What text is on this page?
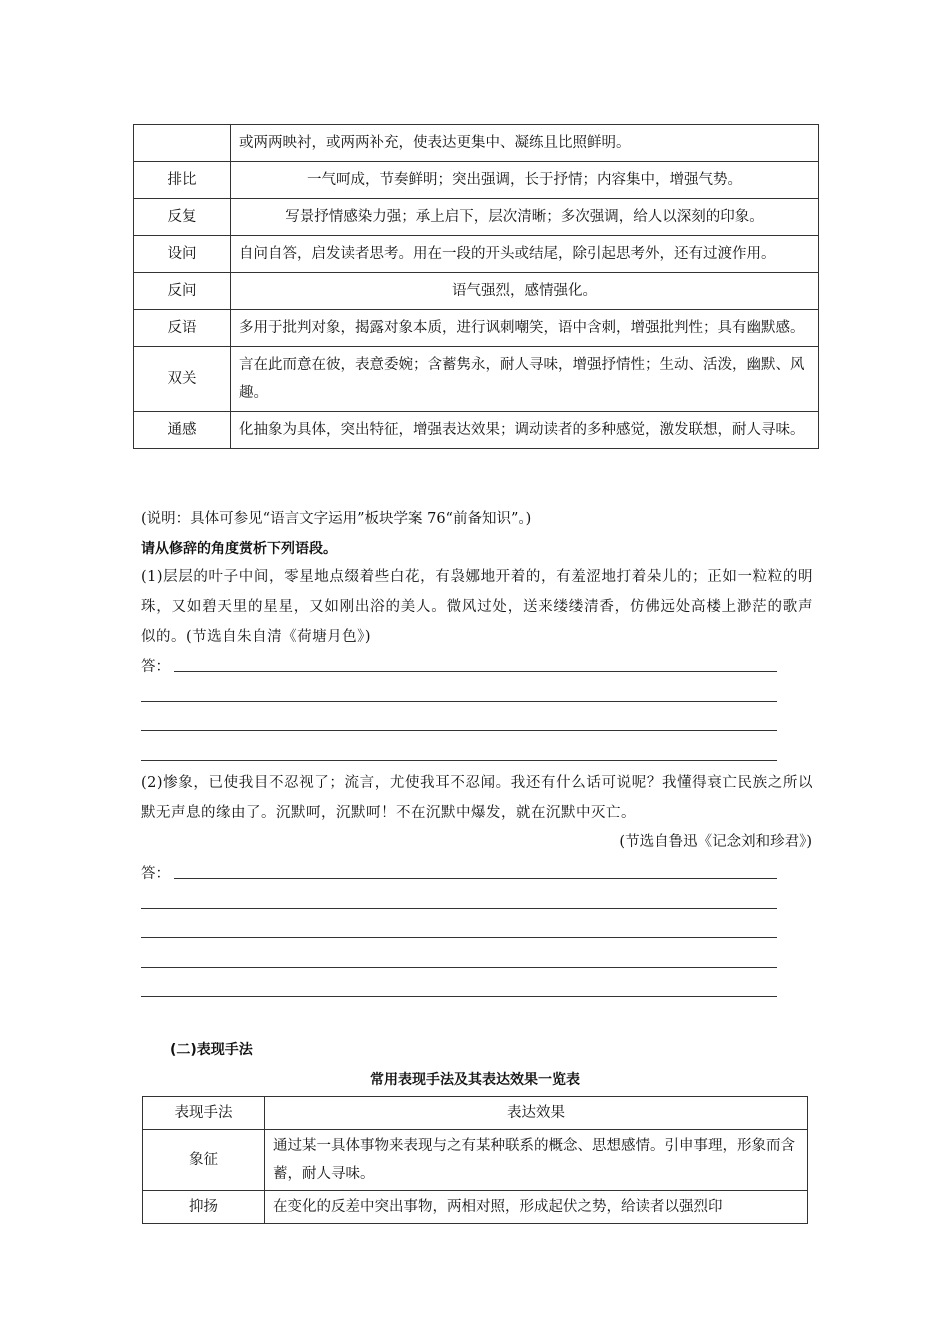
	或两两映衬，或两两补充，使表达更集中、凝练且比照鲜明。
排比	一气呵成，节奏鲜明；突出强调，长于抒情；内容集中，增强气势。
反复	写景抒情感染力强；承上启下，层次清晰；多次强调，给人以深刻的印象。
设问	自问自答，启发读者思考。用在一段的开头或结尾，除引起思考外，还有过渡作用。
反问	语气强烈，感情强化。
反语	多用于批判对象，揭露对象本质，进行讽刺嘲笑，语中含刺，增强批判性；具有幽默感。
双关	言在此而意在彼，表意委婉；含蓄隽永，耐人寻味，增强抒情性；生动、活泼，幽默、风趣。
通感	化抽象为具体，突出特征，增强表达效果；调动读者的多种感觉，激发联想，耐人寻味。
(说明：具体可参见“语言文字运用”板块学案 76“前备知识”。)
请从修辞的角度赏析下列语段。
(1)层层的叶子中间，零星地点缀着些白花，有袅娜地开着的，有羞涩地打着朵儿的；正如一粒粒的明珠，又如碧天里的星星，又如刚出浴的美人。微风过处，送来缕缕清香，仿佛远处高楼上渺茫的歌声似的。(节选自朱自清《荷塘月色》)
答：
(2)惨象，已使我目不忍视了；流言，尤使我耳不忍闻。我还有什么话可说呢？我懂得衰亡民族之所以默无声息的缘由了。沉默呵，沉默呵！不在沉默中爆发，就在沉默中灭亡。
(节选自鲁迅《记念刘和珍君》)
答：
(二)表现手法
常用表现手法及其表达效果一览表
表现手法	表达效果
象征	通过某一具体事物来表现与之有某种联系的概念、思想感情。引申事理，形象而含蓄，耐人寻味。
抑扬	在变化的反差中突出事物，两相对照，形成起伏之势，给读者以强烈印
